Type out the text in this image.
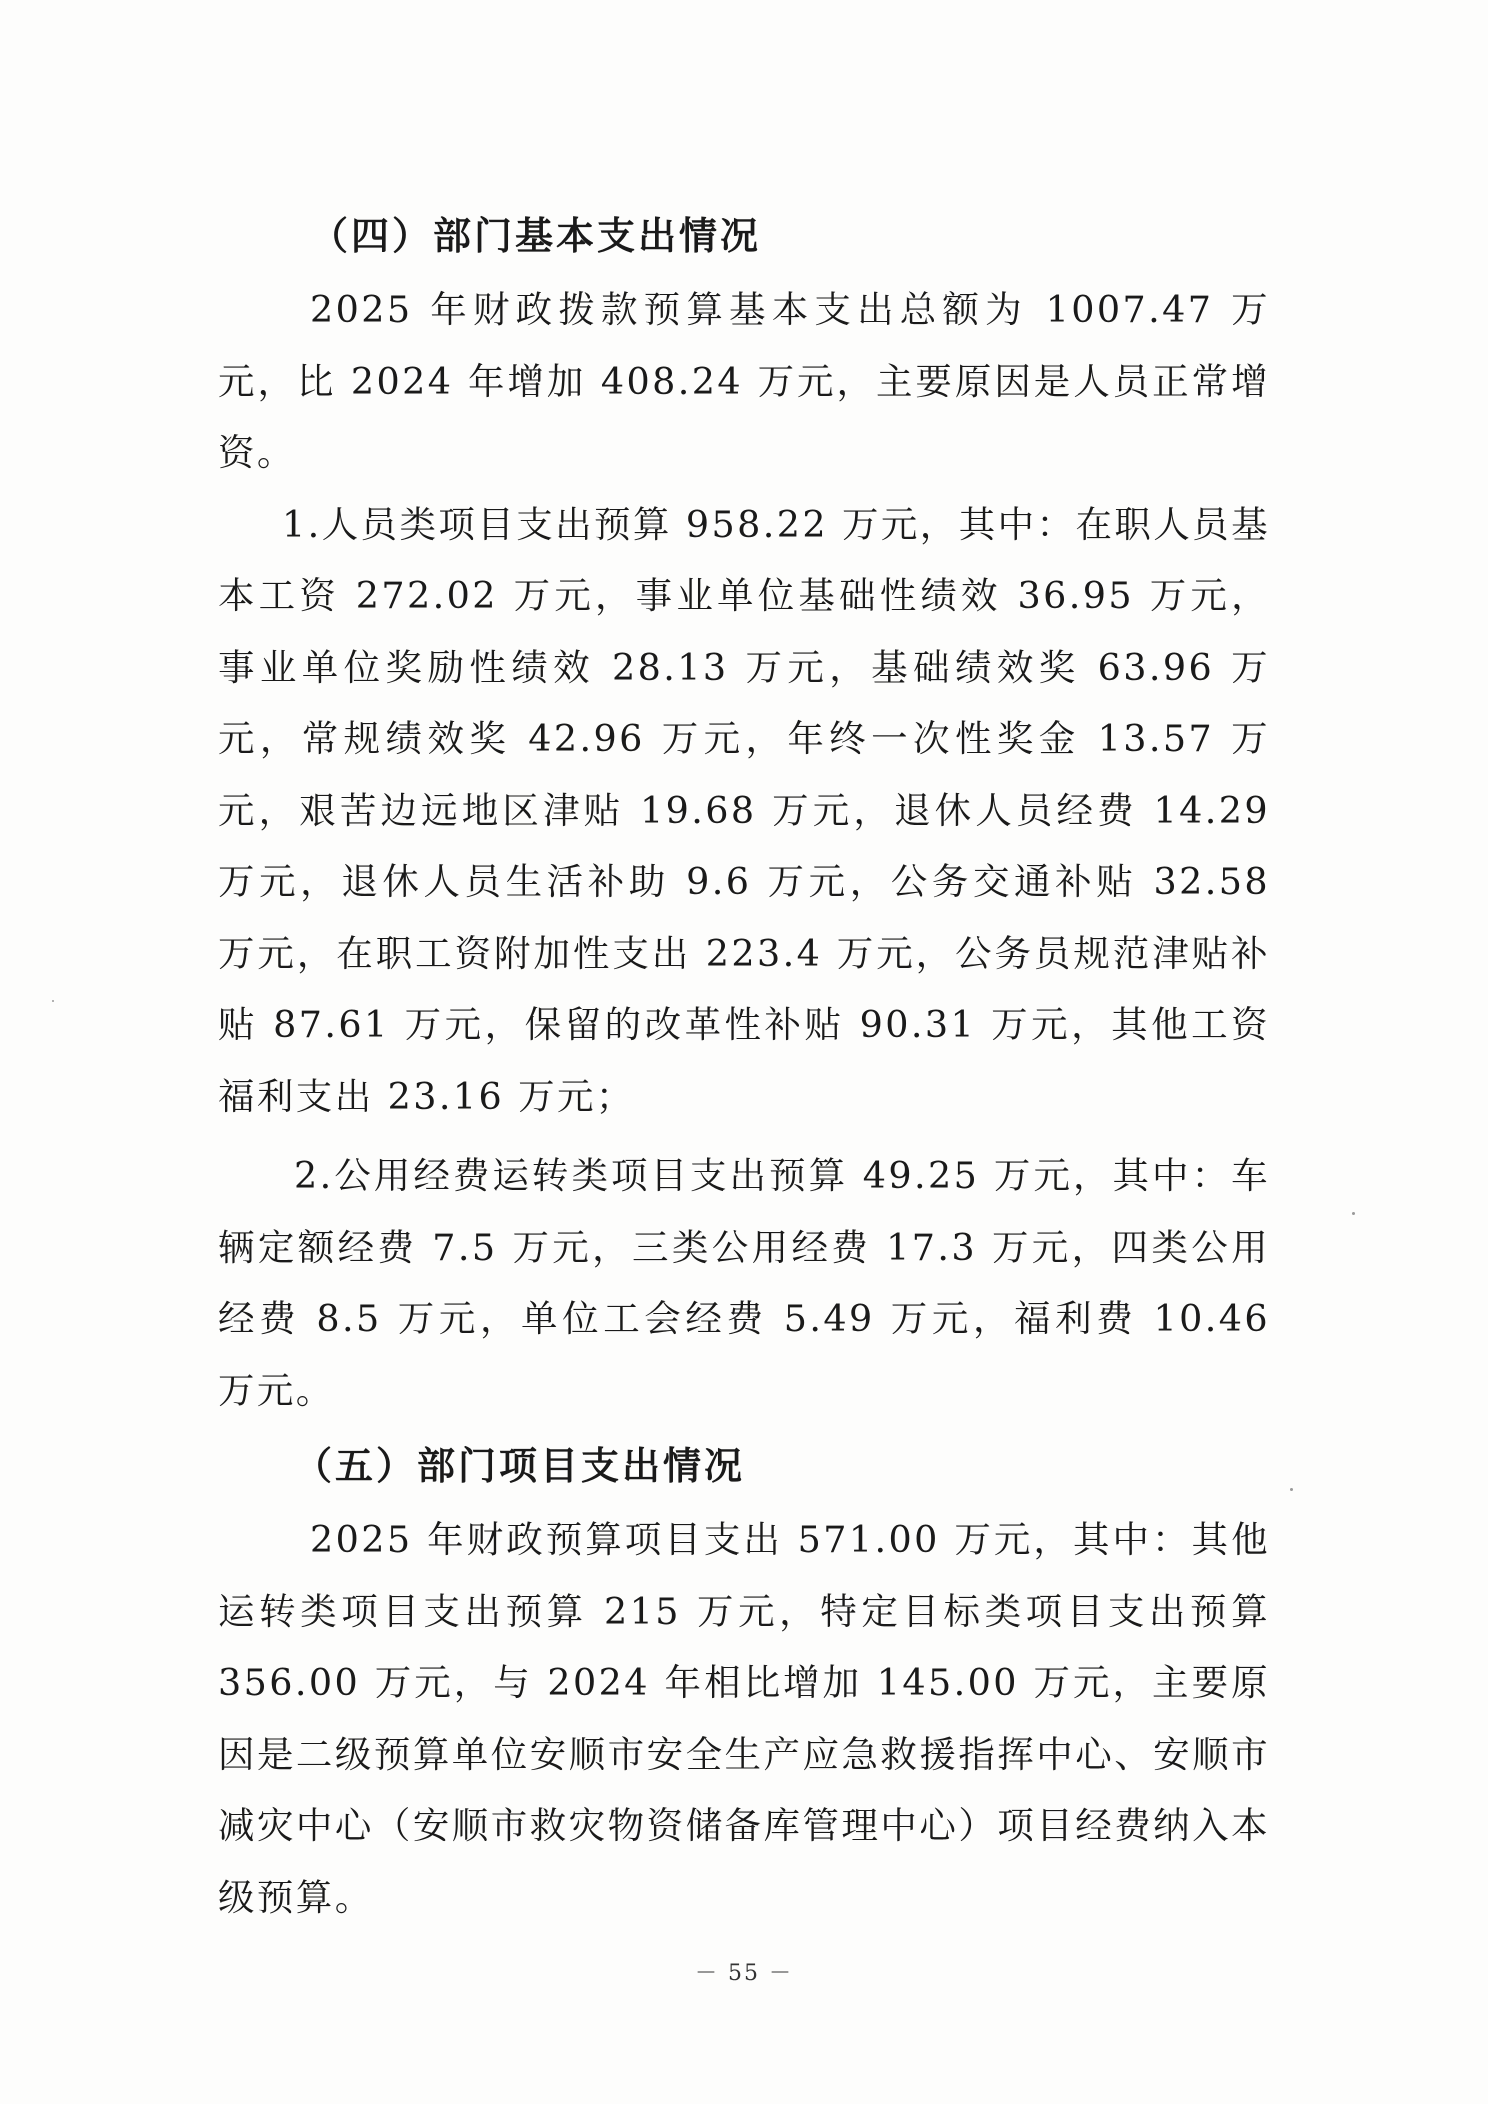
（四）部门基本支出情况

2025 年财政拨款预算基本支出总额为 1007.47 万元，比 2024 年增加 408.24 万元，主要原因是人员正常增资。

1.人员类项目支出预算 958.22 万元，其中：在职人员基本工资 272.02 万元，事业单位基础性绩效 36.95 万元，事业单位奖励性绩效 28.13 万元，基础绩效奖 63.96 万元，常规绩效奖 42.96 万元，年终一次性奖金 13.57 万元，艰苦边远地区津贴 19.68 万元，退休人员经费 14.29 万元，退休人员生活补助 9.6 万元，公务交通补贴 32.58 万元，在职工资附加性支出 223.4 万元，公务员规范津贴补贴 87.61 万元，保留的改革性补贴 90.31 万元，其他工资福利支出 23.16 万元；

2.公用经费运转类项目支出预算 49.25 万元，其中：车辆定额经费 7.5 万元，三类公用经费 17.3 万元，四类公用经费 8.5 万元，单位工会经费 5.49 万元，福利费 10.46 万元。

（五）部门项目支出情况

2025 年财政预算项目支出 571.00 万元，其中：其他运转类项目支出预算 215 万元，特定目标类项目支出预算 356.00 万元，与 2024 年相比增加 145.00 万元，主要原因是二级预算单位安顺市安全生产应急救援指挥中心、安顺市减灾中心（安顺市救灾物资储备库管理中心）项目经费纳入本级预算。

－ 55 －
